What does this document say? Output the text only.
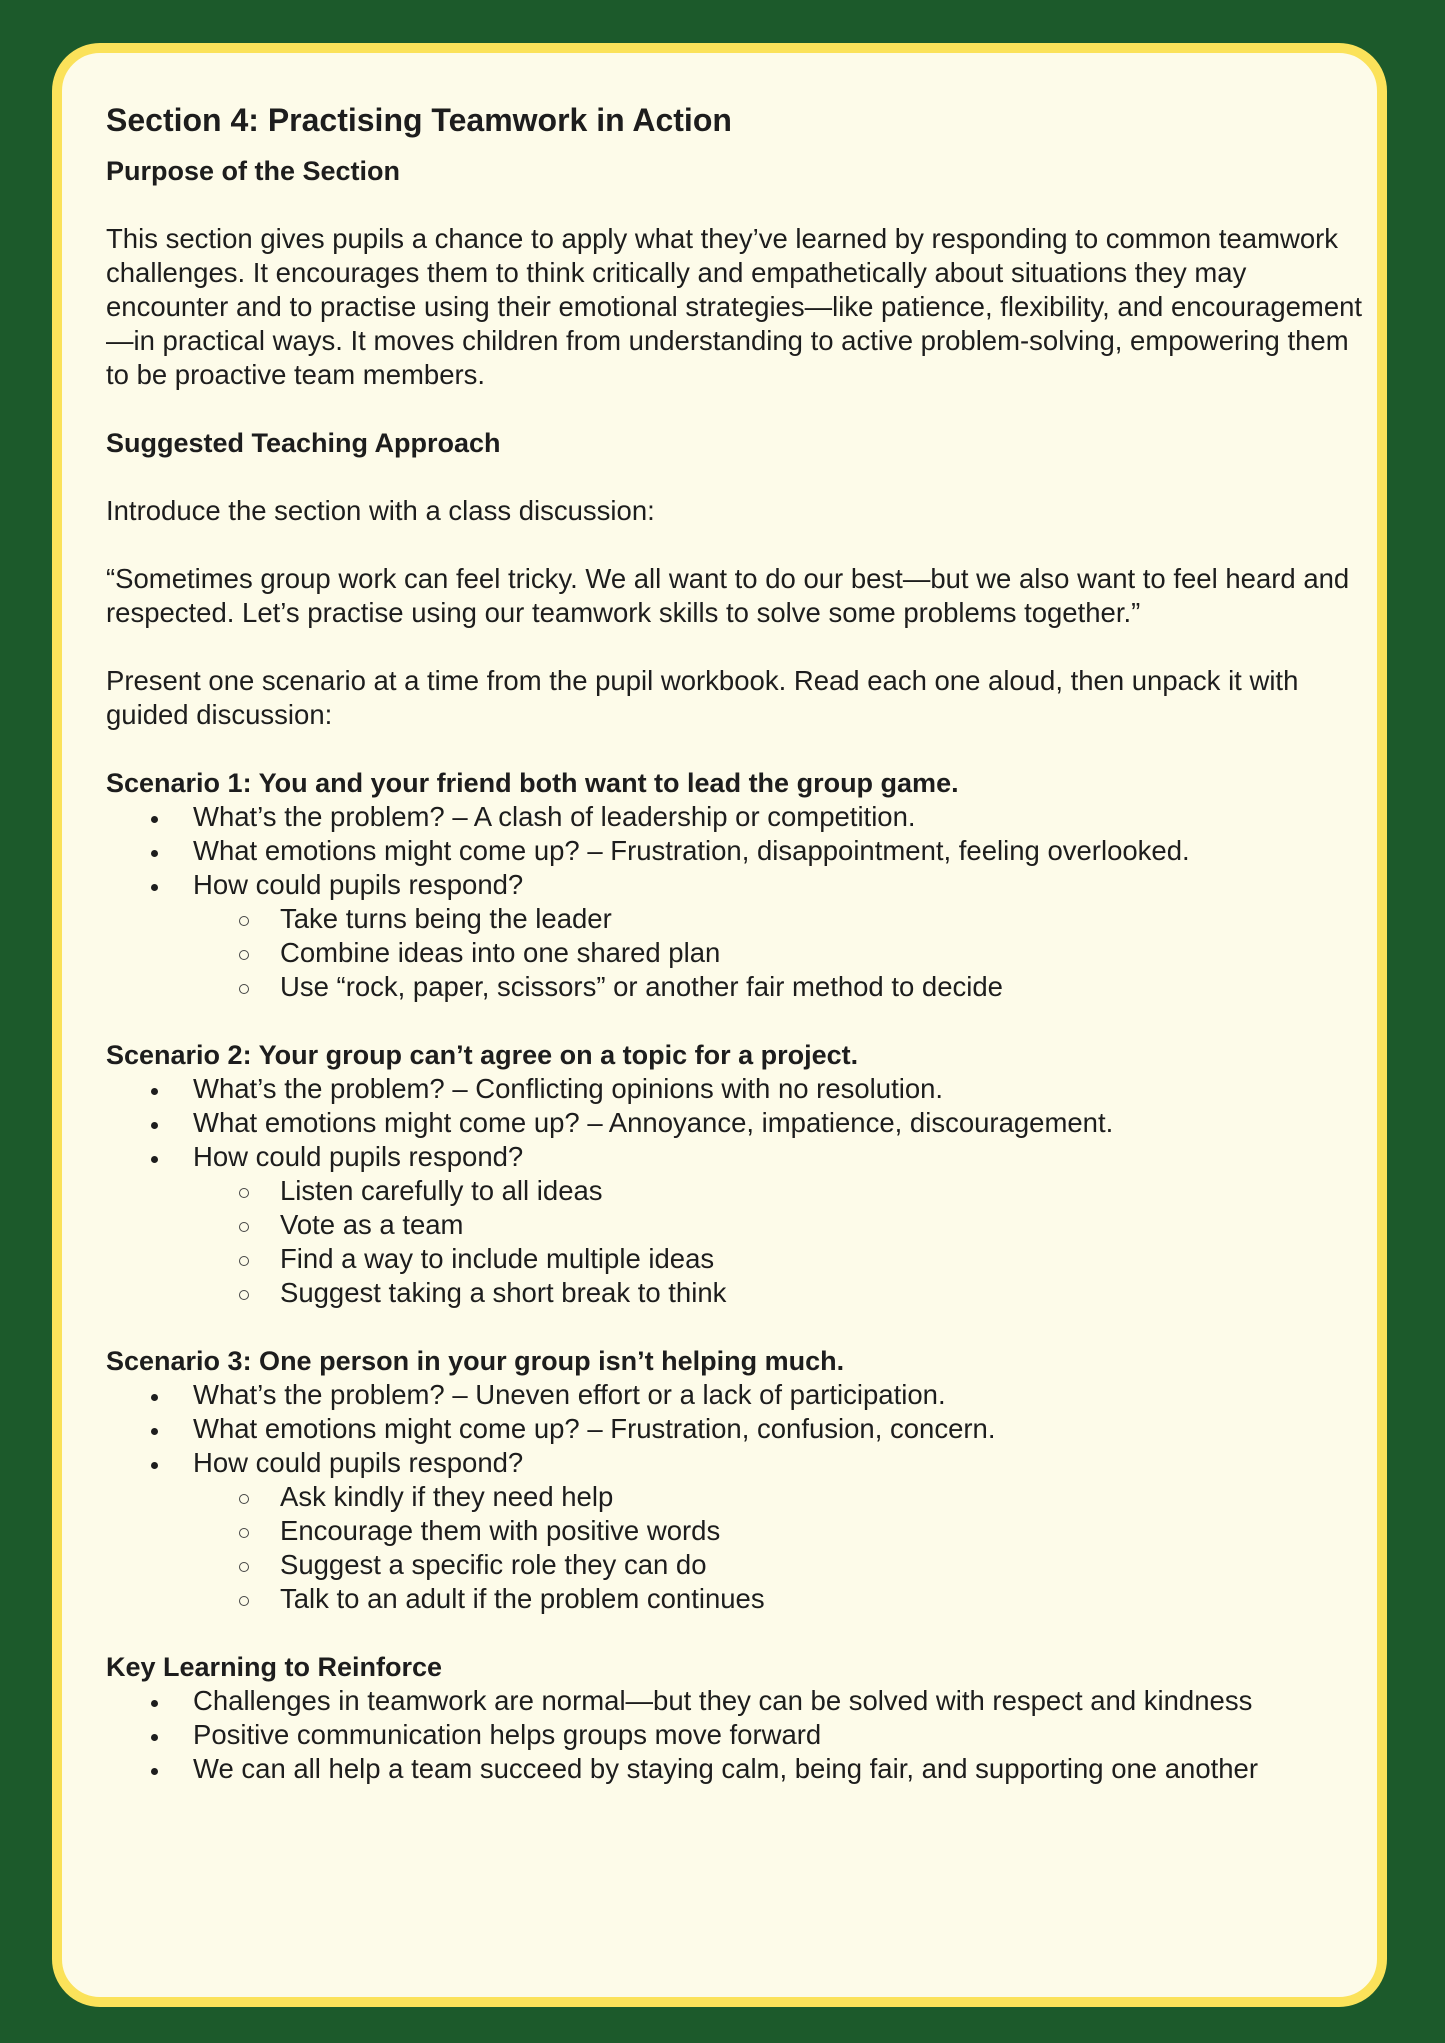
Section 4: Practising Teamwork in Action
Purpose of the Section

This section gives pupils a chance to apply what they’ve learned by responding to common teamwork challenges. It encourages them to think critically and empathetically about situations they may encounter and to practise using their emotional strategies—like patience, flexibility, and encouragement—in practical ways. It moves children from understanding to active problem-solving, empowering them to be proactive team members.

Suggested Teaching Approach

Introduce the section with a class discussion:

“Sometimes group work can feel tricky. We all want to do our best—but we also want to feel heard and respected. Let’s practise using our teamwork skills to solve some problems together.”

Present one scenario at a time from the pupil workbook. Read each one aloud, then unpack it with guided discussion:

Scenario 1: You and your friend both want to lead the group game.
What’s the problem? – A clash of leadership or competition.
What emotions might come up? – Frustration, disappointment, feeling overlooked.
How could pupils respond?
Take turns being the leader
Combine ideas into one shared plan
Use “rock, paper, scissors” or another fair method to decide
Scenario 2: Your group can’t agree on a topic for a project.
What’s the problem? – Conflicting opinions with no resolution.
What emotions might come up? – Annoyance, impatience, discouragement.
How could pupils respond?
Listen carefully to all ideas
Vote as a team
Find a way to include multiple ideas
Suggest taking a short break to think
Scenario 3: One person in your group isn’t helping much.
What’s the problem? – Uneven effort or a lack of participation.
What emotions might come up? – Frustration, confusion, concern.
How could pupils respond?
Ask kindly if they need help
Encourage them with positive words
Suggest a specific role they can do
Talk to an adult if the problem continues
Key Learning to Reinforce
Challenges in teamwork are normal—but they can be solved with respect and kindness
Positive communication helps groups move forward
We can all help a team succeed by staying calm, being fair, and supporting one another
